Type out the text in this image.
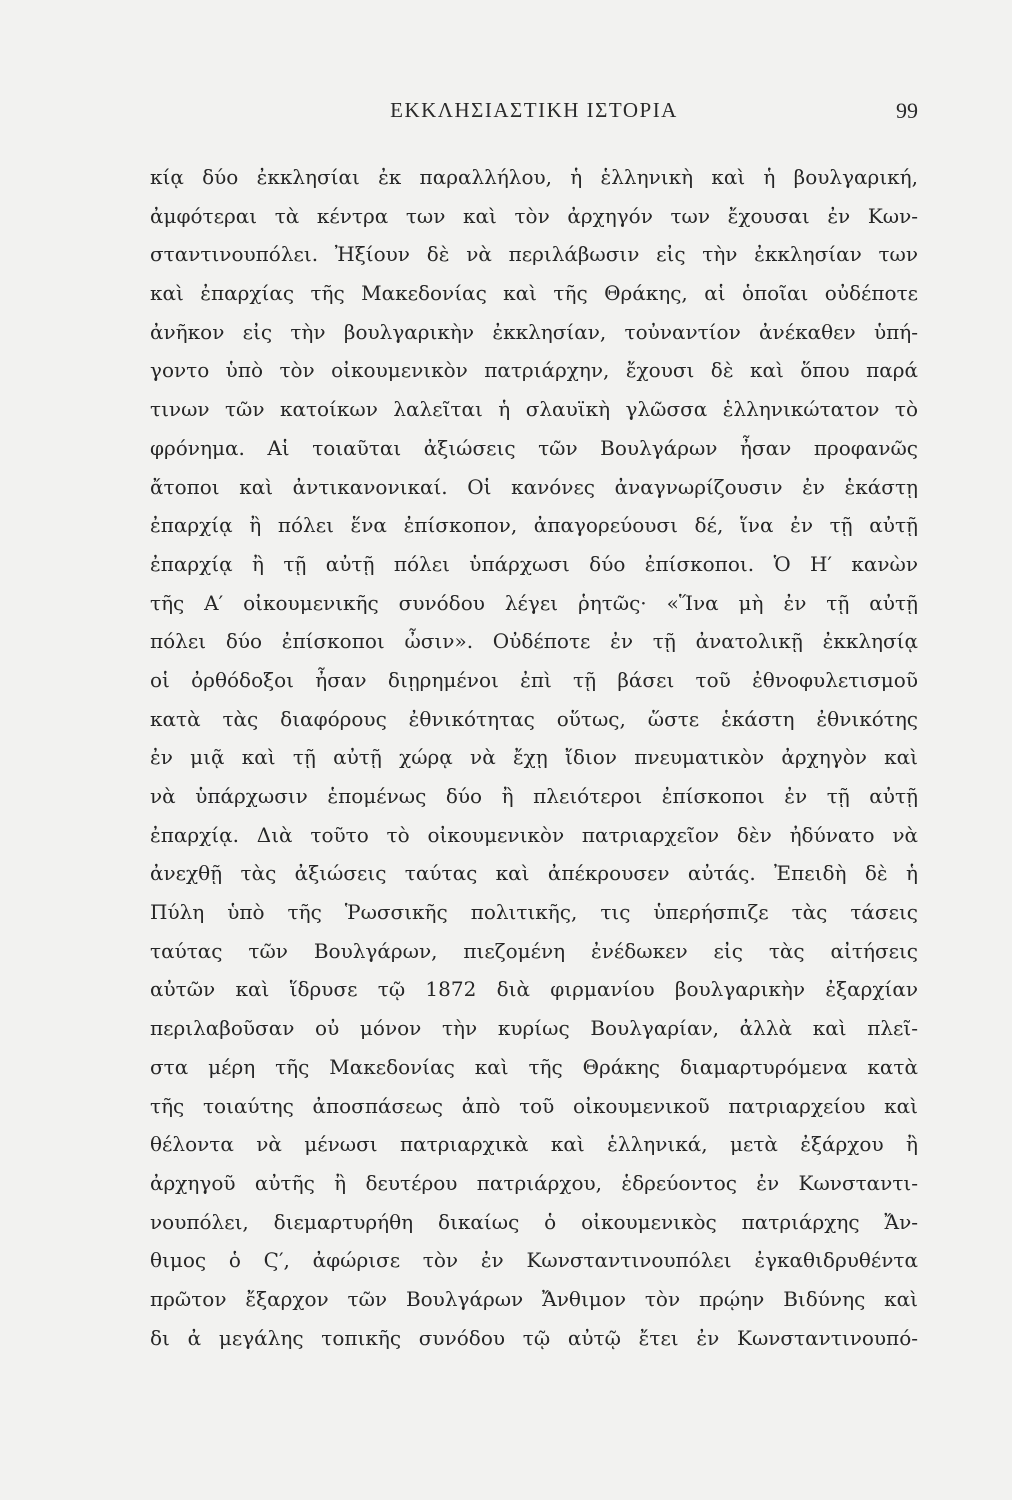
ΕΚΚΛΗΣΙΑΣΤΙΚΗ ΙΣΤΟΡΙΑ	99
κίᾳ δύο ἐκκλησίαι ἐκ παραλλήλου, ἡ ἑλληνικὴ καὶ ἡ βουλγαρική,
ἀμφότεραι τὰ κέντρα των καὶ τὸν ἀρχηγόν των ἔχουσαι ἐν Κων-
σταντινουπόλει. Ἠξίουν δὲ νὰ περιλάβωσιν εἰς τὴν ἐκκλησίαν των
καὶ ἐπαρχίας τῆς Μακεδονίας καὶ τῆς Θράκης, αἱ ὁποῖαι οὐδέποτε
ἀνῆκον εἰς τὴν βουλγαρικὴν ἐκκλησίαν, τοὐναντίον ἀνέκαθεν ὑπή-
γοντο ὑπὸ τὸν οἰκουμενικὸν πατριάρχην, ἔχουσι δὲ καὶ ὅπου παρά
τινων τῶν κατοίκων λαλεῖται ἡ σλαυϊκὴ γλῶσσα ἑλληνικώτατον τὸ
φρόνημα. Αἱ τοιαῦται ἀξιώσεις τῶν Βουλγάρων ἦσαν προφανῶς
ἄτοποι καὶ ἀντικανονικαί. Οἱ κανόνες ἀναγνωρίζουσιν ἐν ἑκάστῃ
ἐπαρχίᾳ ἢ πόλει ἕνα ἐπίσκοπον, ἀπαγορεύουσι δέ, ἵνα ἐν τῇ αὐτῇ
ἐπαρχίᾳ ἢ τῇ αὐτῇ πόλει ὑπάρχωσι δύο ἐπίσκοποι. Ὁ Η′ κανὼν
τῆς Α′ οἰκουμενικῆς συνόδου λέγει ῥητῶς· «Ἵνα μὴ ἐν τῇ αὐτῇ
πόλει δύο ἐπίσκοποι ὦσιν». Οὐδέποτε ἐν τῇ ἀνατολικῇ ἐκκλησίᾳ
οἱ ὀρθόδοξοι ἦσαν διῃρημένοι ἐπὶ τῇ βάσει τοῦ ἐθνοφυλετισμοῦ
κατὰ τὰς διαφόρους ἐθνικότητας οὕτως, ὥστε ἑκάστη ἐθνικότης
ἐν μιᾷ καὶ τῇ αὐτῇ χώρᾳ νὰ ἔχῃ ἴδιον πνευματικὸν ἀρχηγὸν καὶ
νὰ ὑπάρχωσιν ἑπομένως δύο ἢ πλειότεροι ἐπίσκοποι ἐν τῇ αὐτῇ
ἐπαρχίᾳ. Διὰ τοῦτο τὸ οἰκουμενικὸν πατριαρχεῖον δὲν ἠδύνατο νὰ
ἀνεχθῇ τὰς ἀξιώσεις ταύτας καὶ ἀπέκρουσεν αὐτάς. Ἐπειδὴ δὲ ἡ
Πύλη ὑπὸ τῆς Ῥωσσικῆς πολιτικῆς, τις ὑπερήσπιζε τὰς τάσεις
ταύτας τῶν Βουλγάρων, πιεζομένη ἐνέδωκεν εἰς τὰς αἰτήσεις
αὐτῶν καὶ ἵδρυσε τῷ 1872 διὰ φιρμανίου βουλγαρικὴν ἐξαρχίαν
περιλαβοῦσαν οὐ μόνον τὴν κυρίως Βουλγαρίαν, ἀλλὰ καὶ πλεῖ-
στα μέρη τῆς Μακεδονίας καὶ τῆς Θράκης διαμαρτυρόμενα κατὰ
τῆς τοιαύτης ἀποσπάσεως ἀπὸ τοῦ οἰκουμενικοῦ πατριαρχείου καὶ
θέλοντα νὰ μένωσι πατριαρχικὰ καὶ ἑλληνικά, μετὰ ἐξάρχου ἢ
ἀρχηγοῦ αὐτῆς ἢ δευτέρου πατριάρχου, ἑδρεύοντος ἐν Κωνσταντι-
νουπόλει, διεμαρτυρήθη δικαίως ὁ οἰκουμενικὸς πατριάρχης Ἄν-
θιμος ὁ Ϛ′, ἀφώρισε τὸν ἐν Κωνσταντινουπόλει ἐγκαθιδρυθέντα
πρῶτον ἔξαρχον τῶν Βουλγάρων Ἄνθιμον τὸν πρῴην Βιδύνης καὶ
δι ἀ μεγάλης τοπικῆς συνόδου τῷ αὐτῷ ἔτει ἐν Κωνσταντινουπό-
